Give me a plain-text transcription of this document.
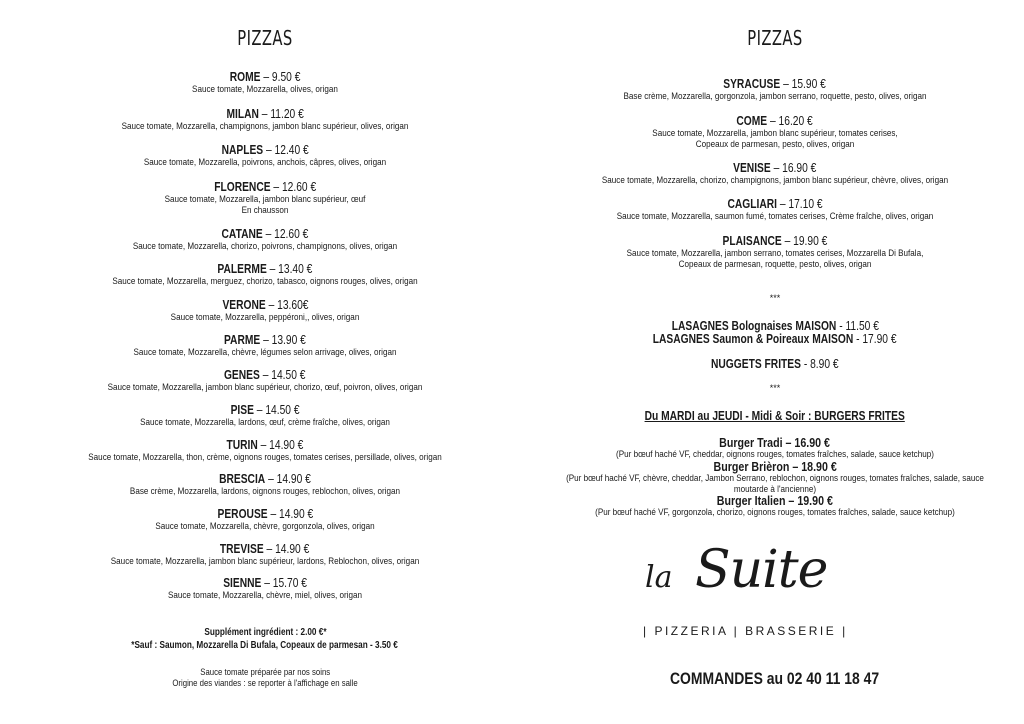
PIZZAS
ROME – 9.50 €
Sauce tomate, Mozzarella, olives, origan
MILAN – 11.20 €
Sauce tomate, Mozzarella, champignons, jambon blanc supérieur, olives, origan
NAPLES – 12.40 €
Sauce tomate, Mozzarella, poivrons, anchois, câpres, olives, origan
FLORENCE – 12.60 €
Sauce tomate, Mozzarella, jambon blanc supérieur, œuf
En chausson
CATANE – 12.60 €
Sauce tomate, Mozzarella, chorizo, poivrons, champignons, olives, origan
PALERME – 13.40 €
Sauce tomate, Mozzarella, merguez, chorizo, tabasco, oignons rouges, olives, origan
VERONE – 13.60€
Sauce tomate, Mozzarella, peppéroni,, olives, origan
PARME – 13.90 €
Sauce tomate, Mozzarella, chèvre, légumes selon arrivage, olives, origan
GENES – 14.50 €
Sauce tomate, Mozzarella, jambon blanc supérieur, chorizo, œuf, poivron, olives, origan
PISE – 14.50 €
Sauce tomate, Mozzarella, lardons, œuf, crème fraîche, olives, origan
TURIN – 14.90 €
Sauce tomate, Mozzarella, thon, crème, oignons rouges, tomates cerises, persillade, olives, origan
BRESCIA – 14.90 €
Base crème, Mozzarella, lardons, oignons rouges, reblochon, olives, origan
PEROUSE – 14.90 €
Sauce tomate, Mozzarella, chèvre, gorgonzola, olives, origan
TREVISE – 14.90 €
Sauce tomate, Mozzarella, jambon blanc supérieur, lardons, Reblochon, olives, origan
SIENNE – 15.70 €
Sauce tomate, Mozzarella, chèvre, miel, olives, origan
Supplément ingrédient : 2.00 €*
*Sauf : Saumon, Mozzarella Di Bufala, Copeaux de parmesan - 3.50 €
Sauce tomate préparée par nos soins
Origine des viandes : se reporter à l'affichage en salle
PIZZAS
SYRACUSE – 15.90 €
Base crème, Mozzarella, gorgonzola, jambon serrano, roquette, pesto, olives, origan
COME – 16.20 €
Sauce tomate, Mozzarella, jambon blanc supérieur, tomates cerises,
Copeaux de parmesan, pesto, olives, origan
VENISE – 16.90 €
Sauce tomate, Mozzarella, chorizo, champignons, jambon blanc supérieur, chèvre, olives, origan
CAGLIARI – 17.10 €
Sauce tomate, Mozzarella, saumon fumé, tomates cerises, Crème fraîche, olives, origan
PLAISANCE – 19.90 €
Sauce tomate, Mozzarella, jambon serrano, tomates cerises, Mozzarella Di Bufala,
Copeaux de parmesan, roquette, pesto, olives, origan
***
LASAGNES Bolognaises MAISON - 11.50 €
LASAGNES Saumon & Poireaux MAISON - 17.90 €
NUGGETS FRITES - 8.90 €
***
Du MARDI au JEUDI - Midi & Soir : BURGERS FRITES
Burger Tradi – 16.90 €
(Pur bœuf haché VF, cheddar, oignons rouges, tomates fraîches, salade, sauce ketchup)
Burger Brièron – 18.90 €
(Pur bœuf haché VF, chèvre, cheddar, Jambon Serrano, reblochon, oignons rouges, tomates fraîches, salade, sauce
moutarde à l'ancienne)
Burger Italien – 19.90 €
(Pur bœuf haché VF, gorgonzola, chorizo, oignons rouges, tomates fraîches, salade, sauce ketchup)
la Suite
| PIZZERIA | BRASSERIE |
COMMANDES au 02 40 11 18 47
